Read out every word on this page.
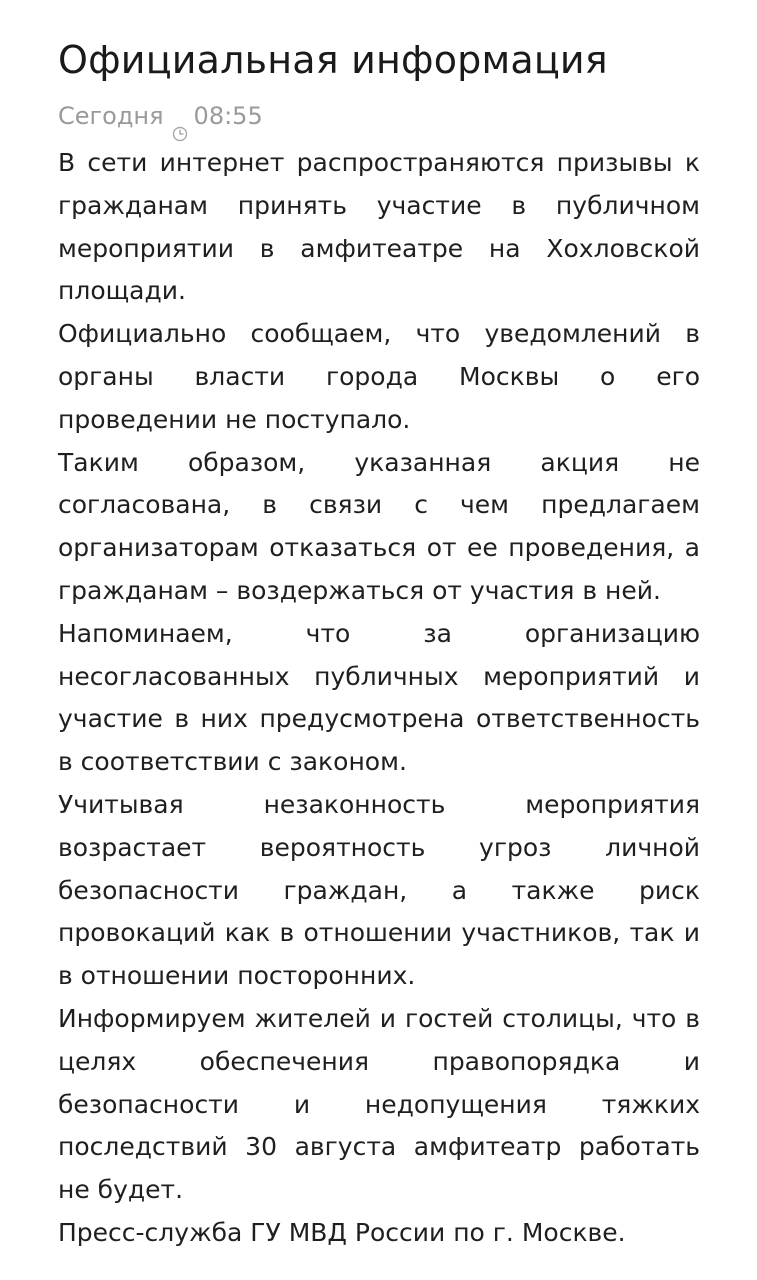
Официальная информация
Сегодня 08:55

В сети интернет распространяются призывы к гражданам принять участие в публичном мероприятии в амфитеатре на Хохловской площади.

Официально сообщаем, что уведомлений в органы власти города Москвы о его проведении не поступало.

Таким образом, указанная акция не согласована, в связи с чем предлагаем организаторам отказаться от ее проведения, а гражданам – воздержаться от участия в ней.

Напоминаем, что за организацию несогласованных публичных мероприятий и участие в них предусмотрена ответственность в соответствии с законом.

Учитывая незаконность мероприятия возрастает вероятность угроз личной безопасности граждан, а также риск провокаций как в отношении участников, так и в отношении посторонних.

Информируем жителей и гостей столицы, что в целях обеспечения правопорядка и безопасности и недопущения тяжких последствий 30 августа амфитеатр работать не будет.

Пресс-служба ГУ МВД России по г. Москве.
